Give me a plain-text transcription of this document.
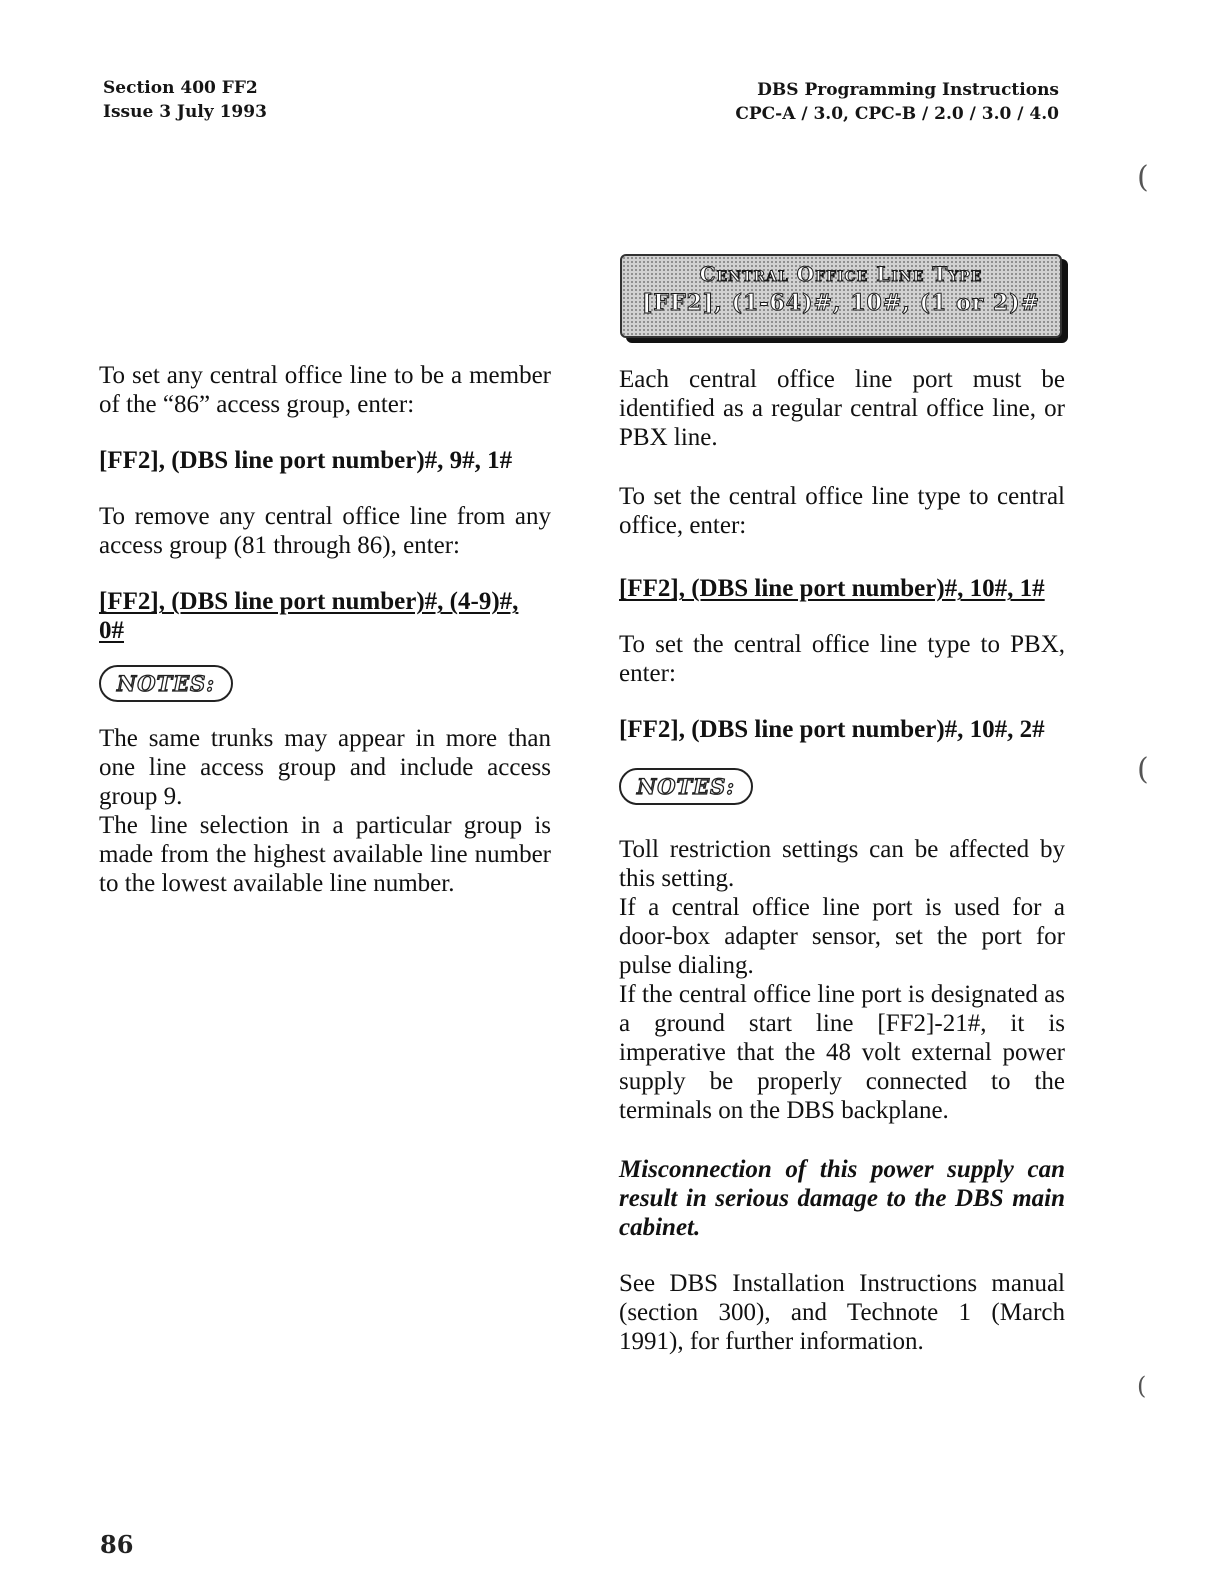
Section 400 FF2
Issue 3 July 1993
DBS Programming Instructions
CPC-A / 3.0, CPC-B / 2.0 / 3.0 / 4.0
(
(
(
Central Office Line Type
[FF2], (1-64)#, 10#, (1 or 2)#

To set any central office line to be a member of the “86” access group, enter:

[FF2], (DBS line port number)#, 9#, 1#

To remove any central office line from any access group (81 through 86), enter:

[FF2], (DBS line port number)#, (4-9)#,
0#

NOTES:

The same trunks may appear in more than one line access group and include access group 9.

The line selection in a particular group is made from the highest available line number to the lowest available line number.

Each central office line port must be identified as a regular central office line, or PBX line.

To set the central office line type to central office, enter:

[FF2], (DBS line port number)#, 10#, 1#

To set the central office line type to PBX, enter:

[FF2], (DBS line port number)#, 10#, 2#

NOTES:

Toll restriction settings can be affected by this setting.

If a central office line port is used for a door-box adapter sensor, set the port for pulse dialing.

If the central office line port is designated as a ground start line [FF2]-21#, it is imperative that the 48 volt external power supply be properly connected to the terminals on the DBS backplane.

Misconnection of this power supply can result in serious damage to the DBS main cabinet.

See DBS Installation Instructions manual (section 300), and Technote 1 (March 1991), for further information.

86
